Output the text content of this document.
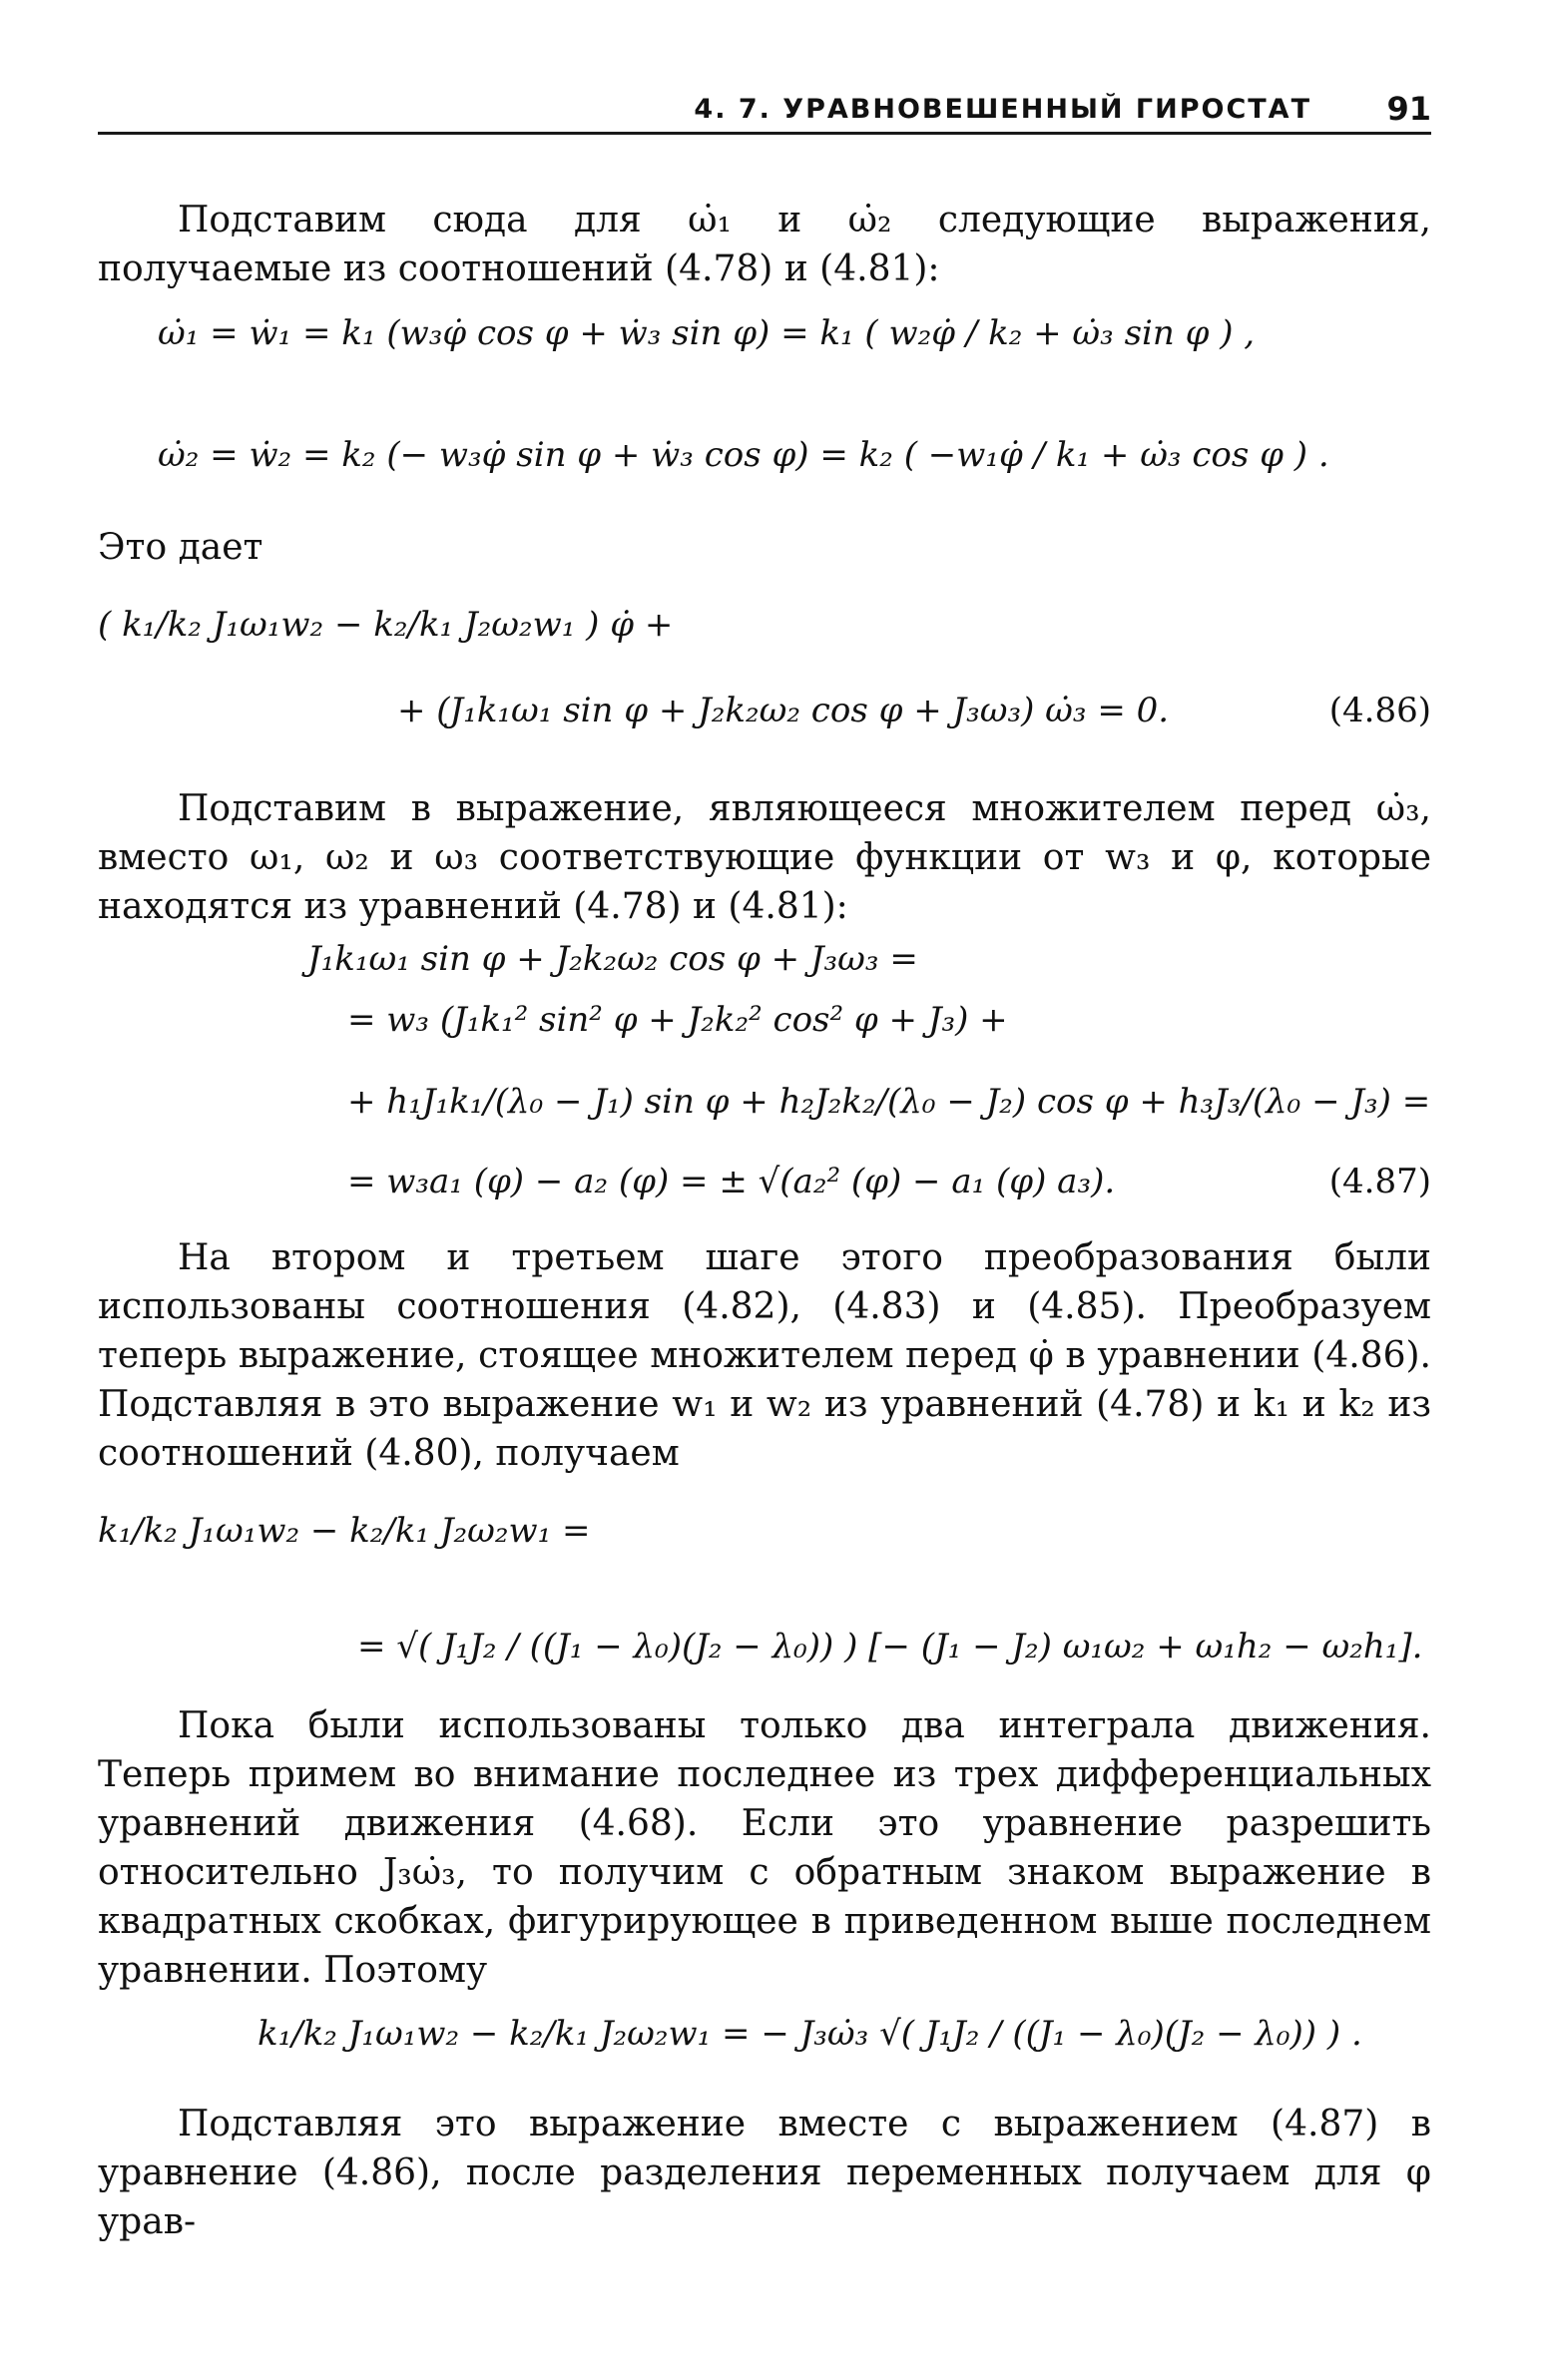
4. 7. УРАВНОВЕШЕННЫЙ ГИРОСТАТ 91
Подставим сюда для ω̇₁ и ω̇₂ следующие выражения, получаемые из соотношений (4.78) и (4.81):
ω̇₁ = ẇ₁ = k₁ (w₃φ̇ cos φ + ẇ₃ sin φ) = k₁ ( w₂φ̇ / k₂ + ω̇₃ sin φ ) ,
ω̇₂ = ẇ₂ = k₂ (− w₃φ̇ sin φ + ẇ₃ cos φ) = k₂ ( −w₁φ̇ / k₁ + ω̇₃ cos φ ) .
Это дает
( k₁/k₂ J₁ω₁w₂ − k₂/k₁ J₂ω₂w₁ ) φ̇ +
+ (J₁k₁ω₁ sin φ + J₂k₂ω₂ cos φ + J₃ω₃) ω̇₃ = 0.	(4.86)
Подставим в выражение, являющееся множителем перед ω̇₃, вместо ω₁, ω₂ и ω₃ соответствующие функции от w₃ и φ, которые находятся из уравнений (4.78) и (4.81):
J₁k₁ω₁ sin φ + J₂k₂ω₂ cos φ + J₃ω₃ =
= w₃ (J₁k₁² sin² φ + J₂k₂² cos² φ + J₃) +
+ h₁J₁k₁/(λ₀ − J₁) sin φ + h₂J₂k₂/(λ₀ − J₂) cos φ + h₃J₃/(λ₀ − J₃) =
= w₃a₁ (φ) − a₂ (φ) = ± √(a₂² (φ) − a₁ (φ) a₃).	(4.87)
На втором и третьем шаге этого преобразования были использованы соотношения (4.82), (4.83) и (4.85). Преобразуем теперь выражение, стоящее множителем перед φ̇ в уравнении (4.86). Подставляя в это выражение w₁ и w₂ из уравнений (4.78) и k₁ и k₂ из соотношений (4.80), получаем
k₁/k₂ J₁ω₁w₂ − k₂/k₁ J₂ω₂w₁ =
= √( J₁J₂ / ((J₁ − λ₀)(J₂ − λ₀)) ) [− (J₁ − J₂) ω₁ω₂ + ω₁h₂ − ω₂h₁].
Пока были использованы только два интеграла движения. Теперь примем во внимание последнее из трех дифференциальных уравнений движения (4.68). Если это уравнение разрешить относительно J₃ω̇₃, то получим с обратным знаком выражение в квадратных скобках, фигурирующее в приведенном выше последнем уравнении. Поэтому
k₁/k₂ J₁ω₁w₂ − k₂/k₁ J₂ω₂w₁ = − J₃ω̇₃ √( J₁J₂ / ((J₁ − λ₀)(J₂ − λ₀)) ) .
Подставляя это выражение вместе с выражением (4.87) в уравнение (4.86), после разделения переменных получаем для φ урав-
